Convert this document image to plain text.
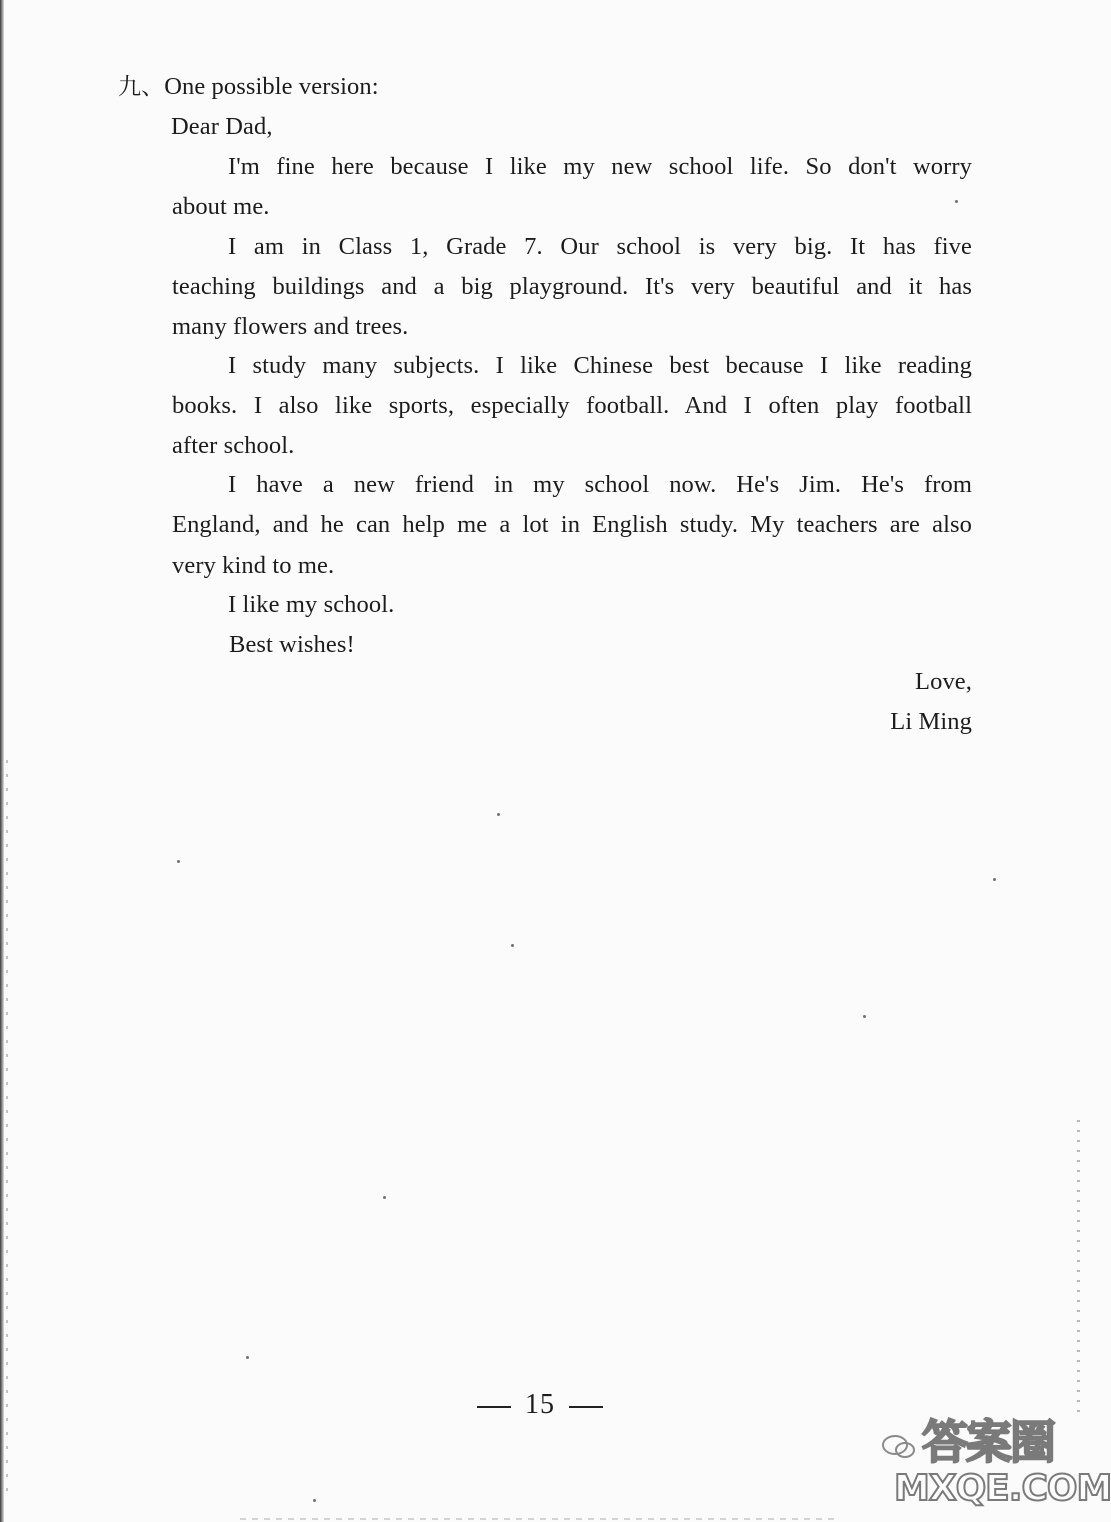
九、One possible version:
Dear Dad,
I'm fine here because I like my new school life. So don't worry
about me.
I am in Class 1, Grade 7. Our school is very big. It has five
teaching buildings and a big playground. It's very beautiful and it has
many flowers and trees.
I study many subjects. I like Chinese best because I like reading
books. I also like sports, especially football. And I often play football
after school.
I have a new friend in my school now. He's Jim. He's from
England, and he can help me a lot in English study. My teachers are also
very kind to me.
I like my school.
Best wishes!
Love,
Li Ming
15
答案圈
MXQE.COM
